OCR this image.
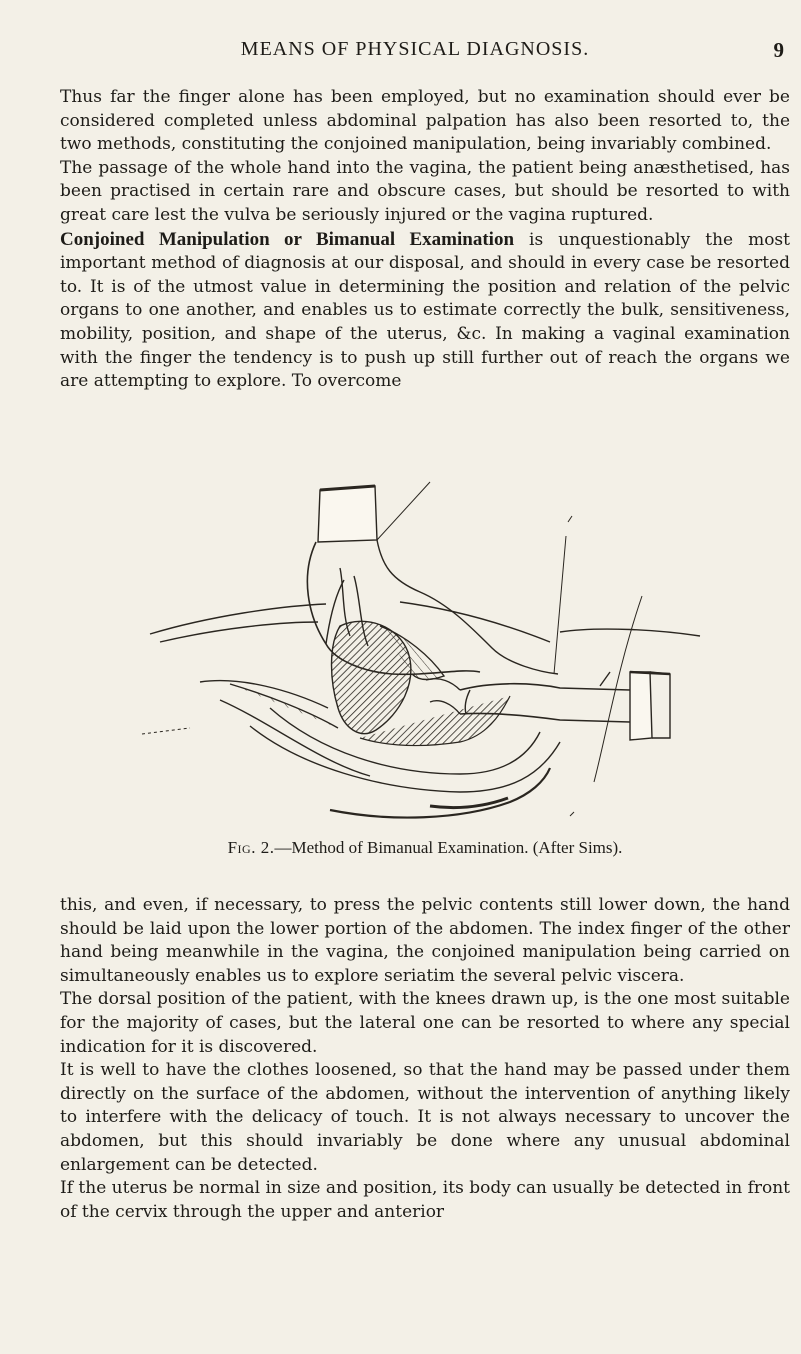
MEANS OF PHYSICAL DIAGNOSIS.	9

Thus far the finger alone has been employed, but no examination should ever be considered completed unless abdominal palpation has also been resorted to, the two methods, constituting the conjoined manipulation, being invariably combined.

The passage of the whole hand into the vagina, the patient being anæsthetised, has been practised in certain rare and obscure cases, but should be resorted to with great care lest the vulva be seriously injured or the vagina ruptured.

Conjoined Manipulation or Bimanual Examination is unquestionably the most important method of diagnosis at our disposal, and should in every case be resorted to. It is of the utmost value in determining the position and relation of the pelvic organs to one another, and enables us to estimate correctly the bulk, sensitiveness, mobility, position, and shape of the uterus, &c. In making a vaginal examination with the finger the tendency is to push up still further out of reach the organs we are attempting to explore. To overcome

Fig. 2.—Method of Bimanual Examination. (After Sims).

this, and even, if necessary, to press the pelvic contents still lower down, the hand should be laid upon the lower portion of the abdomen. The index finger of the other hand being meanwhile in the vagina, the conjoined manipulation being carried on simultaneously enables us to explore seriatim the several pelvic viscera.

The dorsal position of the patient, with the knees drawn up, is the one most suitable for the majority of cases, but the lateral one can be resorted to where any special indication for it is discovered.

It is well to have the clothes loosened, so that the hand may be passed under them directly on the surface of the abdomen, without the intervention of anything likely to interfere with the delicacy of touch. It is not always necessary to uncover the abdomen, but this should invariably be done where any unusual abdominal enlargement can be detected.

If the uterus be normal in size and position, its body can usually be detected in front of the cervix through the upper and anterior
